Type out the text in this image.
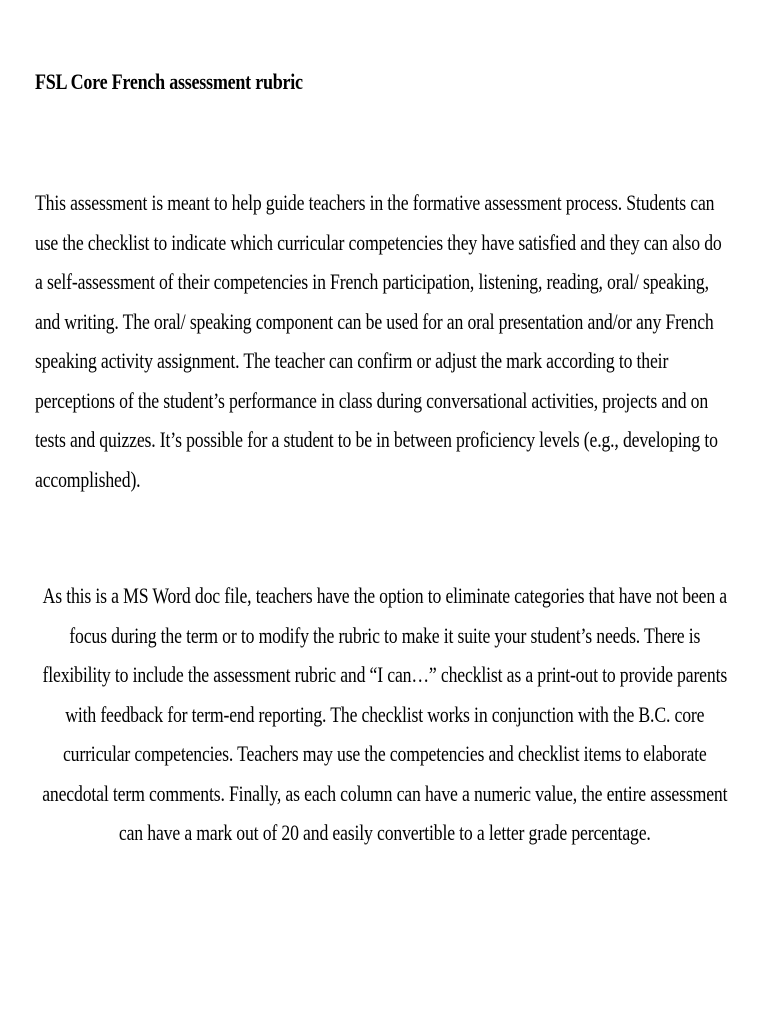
FSL Core French assessment rubric

This assessment is meant to help guide teachers in the formative assessment process. Students can
use the checklist to indicate which curricular competencies they have satisfied and they can also do
a self-assessment of their competencies in French participation, listening, reading, oral/ speaking,
and writing. The oral/ speaking component can be used for an oral presentation and/or any French
speaking activity assignment. The teacher can confirm or adjust the mark according to their
perceptions of the student’s performance in class during conversational activities, projects and on
tests and quizzes. It’s possible for a student to be in between proficiency levels (e.g., developing to
accomplished).

As this is a MS Word doc file, teachers have the option to eliminate categories that have not been a
focus during the term or to modify the rubric to make it suite your student’s needs. There is
flexibility to include the assessment rubric and “I can…” checklist as a print-out to provide parents
with feedback for term-end reporting. The checklist works in conjunction with the B.C. core
curricular competencies. Teachers may use the competencies and checklist items to elaborate
anecdotal term comments. Finally, as each column can have a numeric value, the entire assessment
can have a mark out of 20 and easily convertible to a letter grade percentage.
